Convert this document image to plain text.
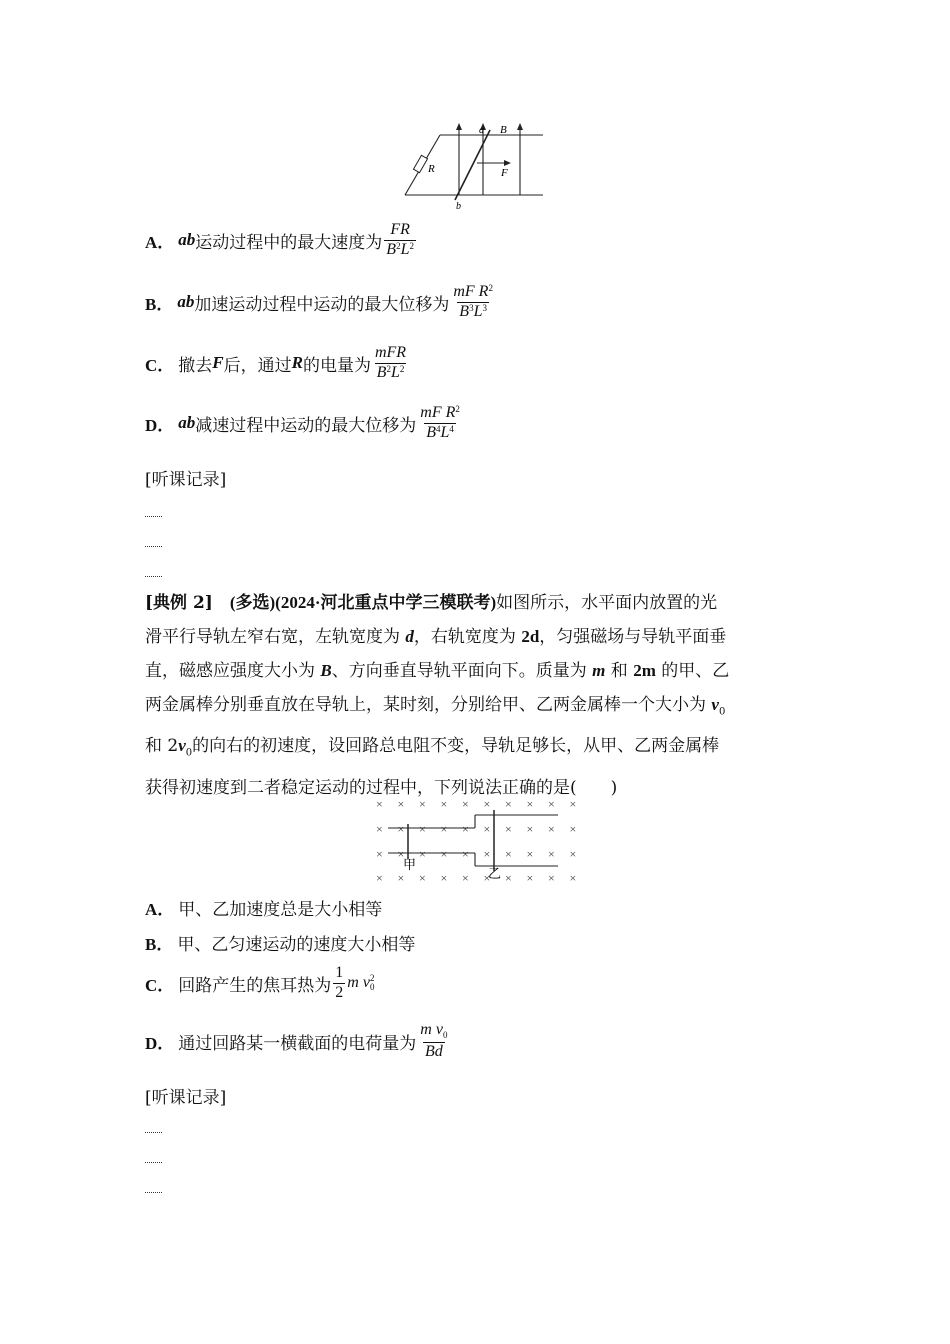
a B
R	F
b
A． ab 运动过程中的最大速度为 $\frac{FR}{B^2L^2}$
B． ab 加速运动过程中运动的最大位移为 $\frac{mF R^2}{B^3L^3}$
C． 撤去 F 后，通过 R 的电量为 $\frac{\text{mFR}}{B^2L^2}$
D． ab 减速过程中运动的最大位移为 $\frac{mF R^2}{B^4L^4}$
[听课记录]
[典例 2]　 (多选)(2024·河北重点中学三模联考)如图所示，水平面内放置的光
滑平行导轨左窄右宽，左轨宽度为 d，右轨宽度为 2d，匀强磁场与导轨平面垂
直，磁感应强度大小为 B、方向垂直导轨平面向下。质量为 m 和 2m 的甲、乙
两金属棒分别垂直放在导轨上，某时刻，分别给甲、乙两金属棒一个大小为 $v_0$
和 $2v_0$的向右的初速度，设回路总电阻不变，导轨足够长，从甲、乙两金属棒
获得初速度到二者稳定运动的过程中，下列说法正确的是(　　)
× × × × × × × × × ×
× × × × × × × × × ×
× × × × × × × × × ×
× × × × × × × × × ×
甲
乙
A． 甲、乙加速度总是大小相等
B． 甲、乙匀速运动的速度大小相等
C． 回路产生的焦耳热为 $\frac{1}{2}$ m v 2
0
D． 通过回路某一横截面的电荷量为 $\frac{m v_0}{Bd}$
[听课记录]
